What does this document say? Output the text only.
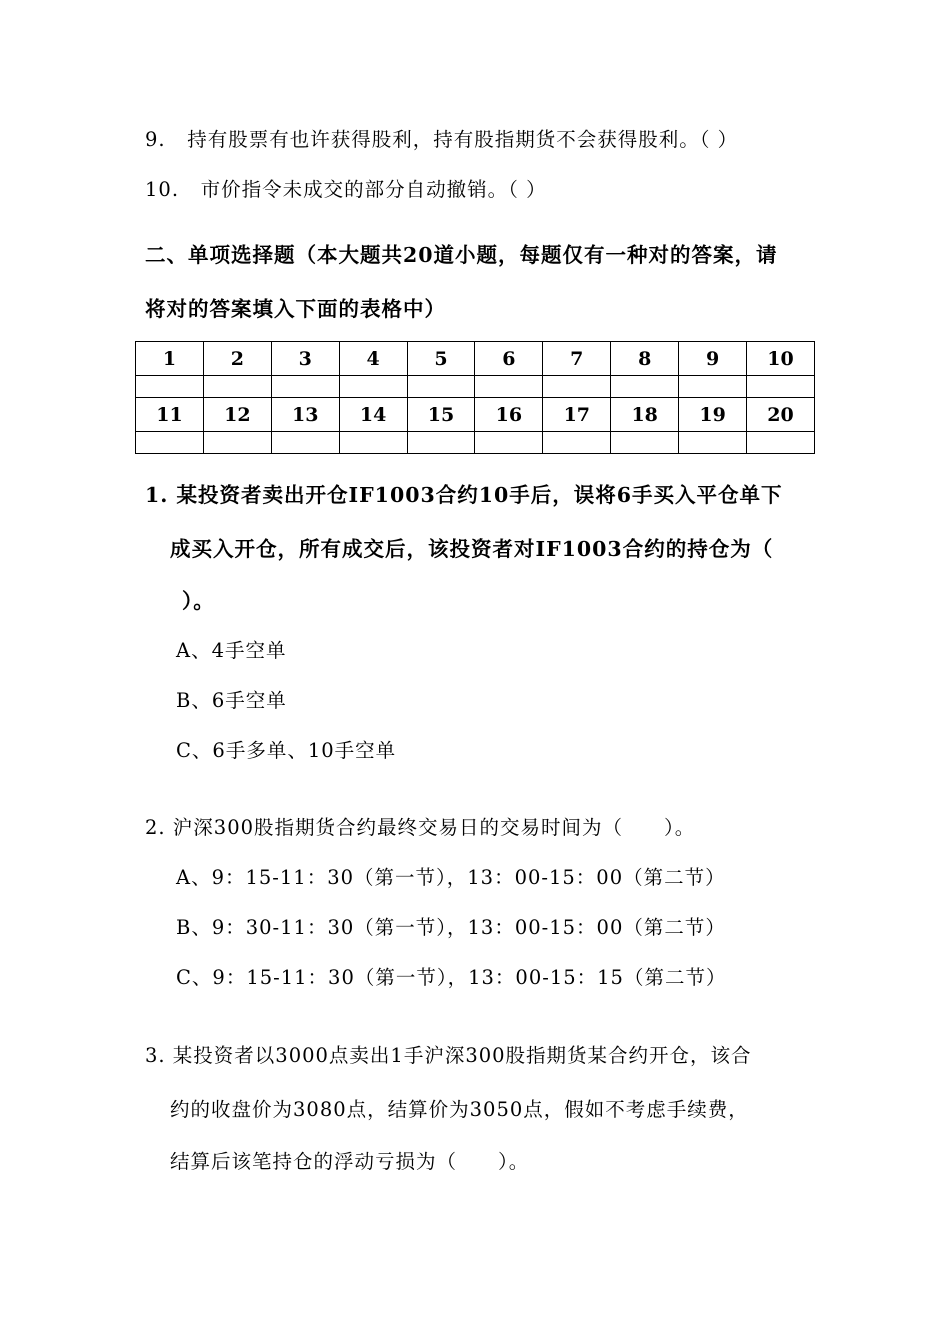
9. 持有股票有也许获得股利，持有股指期货不会获得股利。（ ）
10. 市价指令未成交的部分自动撤销。（ ）
二、单项选择题（本大题共20道小题，每题仅有一种对的答案，请
将对的答案填入下面的表格中）
1	2	3	4	5	6	7	8	9	10

11	12	13	14	15	16	17	18	19	20

1. 某投资者卖出开仓IF1003合约10手后，误将6手买入平仓单下
成买入开仓，所有成交后，该投资者对IF1003合约的持仓为（
）。
A、4手空单
B、6手空单
C、6手多单、10手空单
2. 沪深300股指期货合约最终交易日的交易时间为（　　）。
A、9：15-11：30（第一节），13：00-15：00（第二节）
B、9：30-11：30（第一节），13：00-15：00（第二节）
C、9：15-11：30（第一节），13：00-15：15（第二节）
3. 某投资者以3000点卖出1手沪深300股指期货某合约开仓，该合
约的收盘价为3080点，结算价为3050点，假如不考虑手续费，
结算后该笔持仓的浮动亏损为（　　）。
